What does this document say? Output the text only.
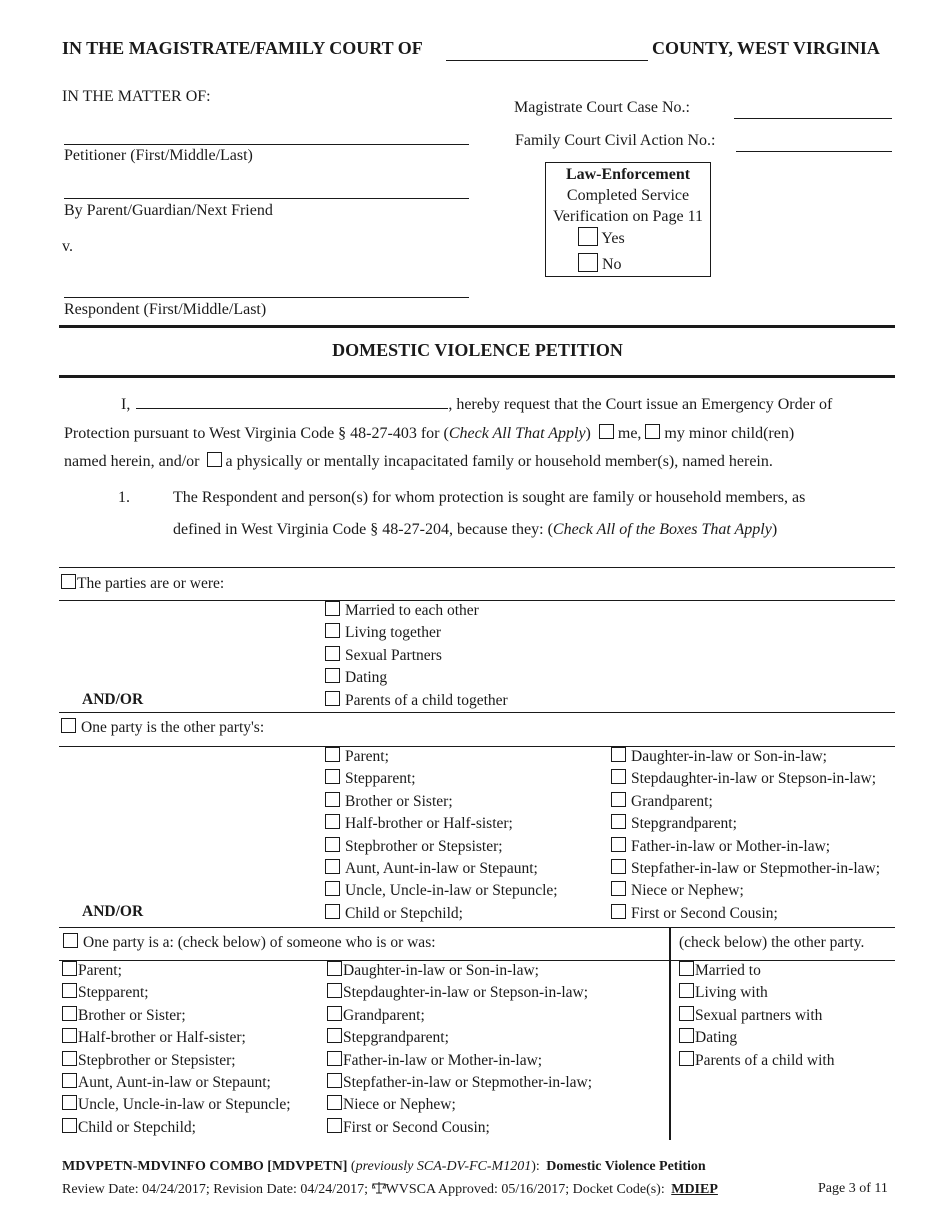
IN THE MAGISTRATE/FAMILY COURT OF	COUNTY, WEST VIRGINIA
IN THE MATTER OF:
Petitioner (First/Middle/Last)
By Parent/Guardian/Next Friend
v.
Respondent (First/Middle/Last)
Magistrate Court Case No.:
Family Court Civil Action No.:
Law-Enforcement
Completed Service
Verification on Page 11
Yes
No
DOMESTIC VIOLENCE PETITION
I,	, hereby request that the Court issue an Emergency Order of
Protection pursuant to West Virginia Code § 48-27-403 for (Check All That Apply) me, my minor child(ren)
named herein, and/or a physically or mentally incapacitated family or household member(s), named herein.
1.	The Respondent and person(s) for whom protection is sought are family or household members, as
defined in West Virginia Code § 48-27-204, because they: (Check All of the Boxes That Apply)
The parties are or were:
Married to each other
Living together
Sexual Partners
Dating
Parents of a child together
AND/OR
One party is the other party's:
Parent;
Stepparent;
Brother or Sister;
Half-brother or Half-sister;
Stepbrother or Stepsister;
Aunt, Aunt-in-law or Stepaunt;
Uncle, Uncle-in-law or Stepuncle;
Child or Stepchild;
Daughter-in-law or Son-in-law;
Stepdaughter-in-law or Stepson-in-law;
Grandparent;
Stepgrandparent;
Father-in-law or Mother-in-law;
Stepfather-in-law or Stepmother-in-law;
Niece or Nephew;
First or Second Cousin;
AND/OR
One party is a: (check below) of someone who is or was:	(check below) the other party.
Parent;
Stepparent;
Brother or Sister;
Half-brother or Half-sister;
Stepbrother or Stepsister;
Aunt, Aunt-in-law or Stepaunt;
Uncle, Uncle-in-law or Stepuncle;
Child or Stepchild;
Daughter-in-law or Son-in-law;
Stepdaughter-in-law or Stepson-in-law;
Grandparent;
Stepgrandparent;
Father-in-law or Mother-in-law;
Stepfather-in-law or Stepmother-in-law;
Niece or Nephew;
First or Second Cousin;
Married to
Living with
Sexual partners with
Dating
Parents of a child with
MDVPETN-MDVINFO COMBO [MDVPETN] (previously SCA-DV-FC-M1201): Domestic Violence Petition
Review Date: 04/24/2017; Revision Date: 04/24/2017; WVSCA Approved: 05/16/2017; Docket Code(s): MDIEP	Page 3 of 11
